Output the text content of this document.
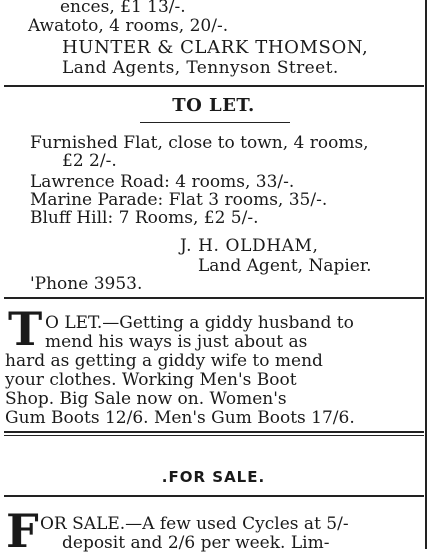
ences, £1 13/-.
Awatoto, 4 rooms, 20/-.
HUNTER & CLARK THOMSON,
Land Agents, Tennyson Street.
TO LET.
Furnished Flat, close to town, 4 rooms,
£2 2/-.
Lawrence Road: 4 rooms, 33/-.
Marine Parade: Flat 3 rooms, 35/-.
Bluff Hill: 7 Rooms, £2 5/-.
J. H. OLDHAM,
Land Agent, Napier.
'Phone 3953.
T O LET.—Getting a giddy husband to
mend his ways is just about as
hard as getting a giddy wife to mend
your clothes. Working Men's Boot
Shop. Big Sale now on. Women's
Gum Boots 12/6. Men's Gum Boots 17/6.
.FOR SALE.
F OR SALE.—A few used Cycles at 5/-
deposit and 2/6 per week. Lim-
